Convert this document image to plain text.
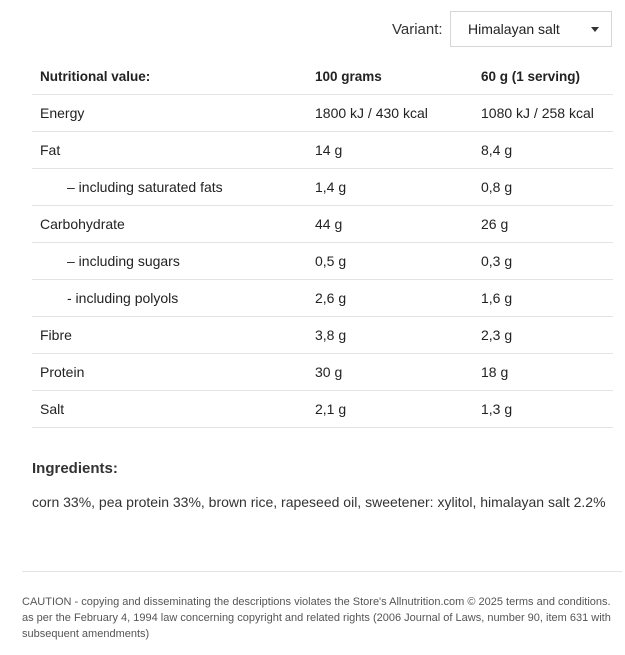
Variant:	Himalayan salt
Nutritional value:	100 grams	60 g (1 serving)
Energy	1800 kJ / 430 kcal	1080 kJ / 258 kcal
Fat	14 g	8,4 g
– including saturated fats	1,4 g	0,8 g
Carbohydrate	44 g	26 g
– including sugars	0,5 g	0,3 g
- including polyols	2,6 g	1,6 g
Fibre	3,8 g	2,3 g
Protein	30 g	18 g
Salt	2,1 g	1,3 g
Ingredients:
corn 33%, pea protein 33%, brown rice, rapeseed oil, sweetener: xylitol, himalayan salt 2.2%
CAUTION - copying and disseminating the descriptions violates the Store's Allnutrition.com © 2025 terms and conditions. as per the February 4, 1994 law concerning copyright and related rights (2006 Journal of Laws, number 90, item 631 with subsequent amendments)
